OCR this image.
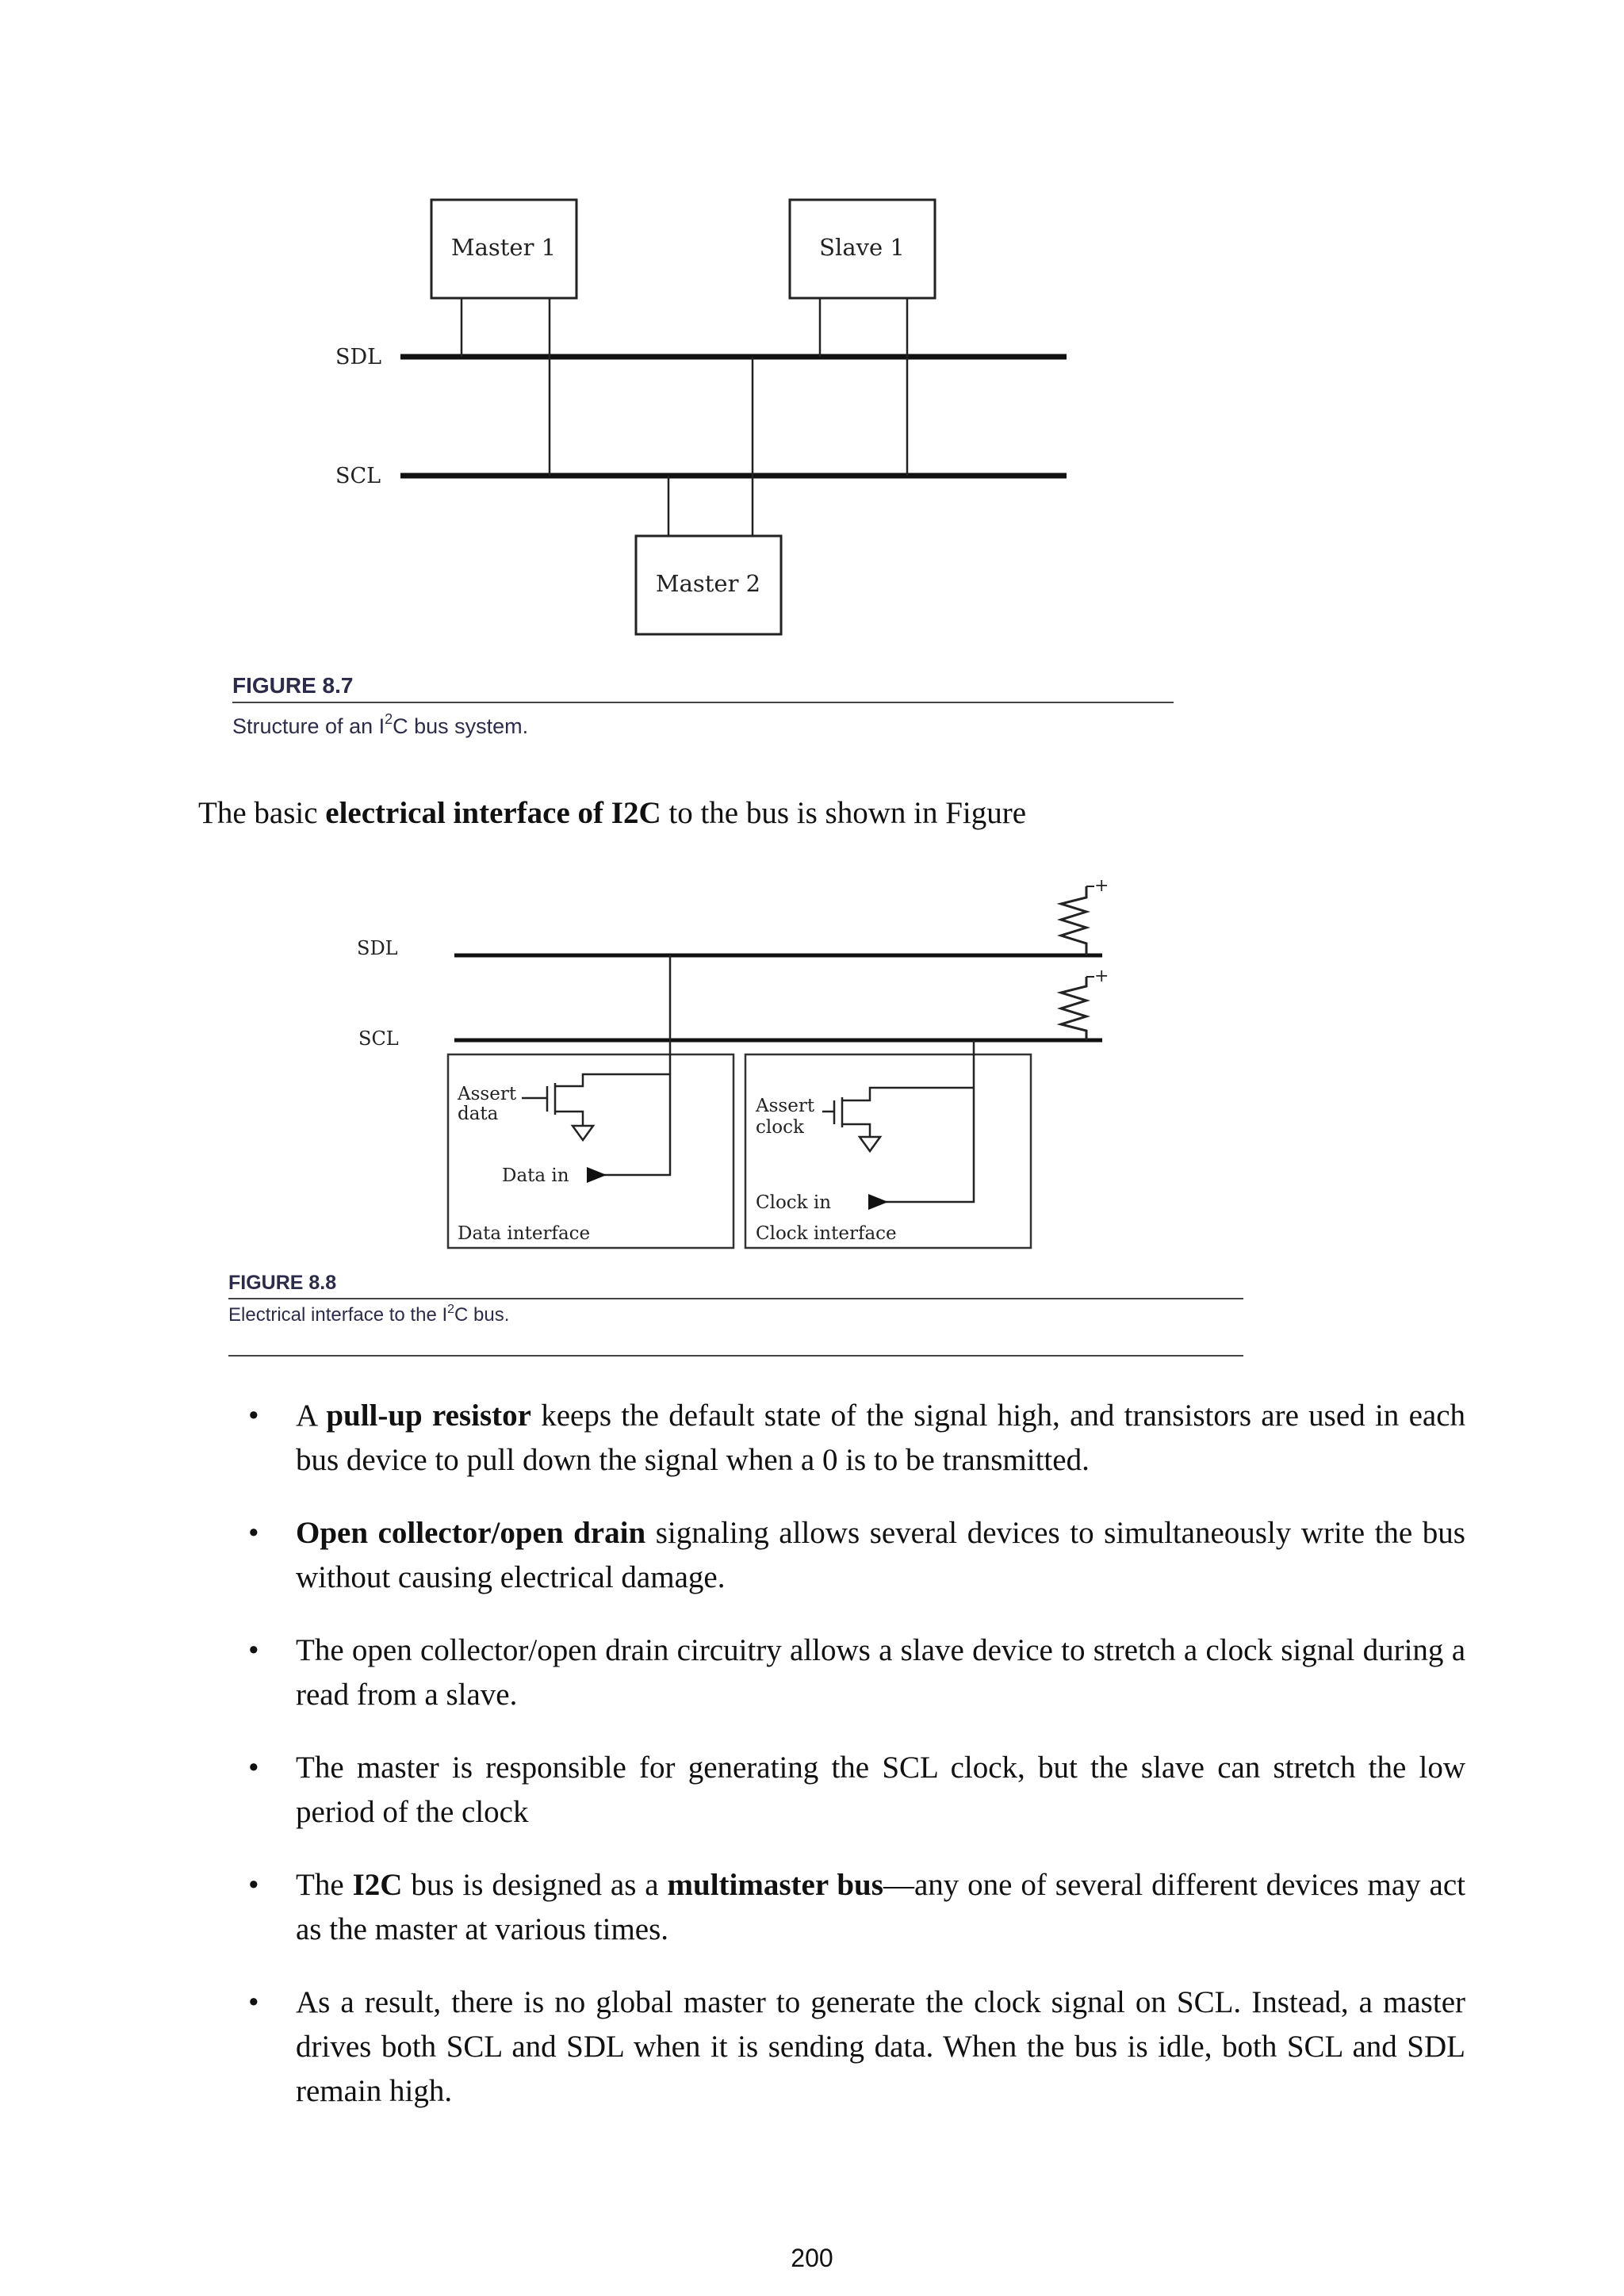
Master 1	Slave 1
Master 2
SDL
SCL
FIGURE 8.7
Structure of an $I^2C$ bus system.
The basic electrical interface of I2C to the bus is shown in Figure
SDL
SCL
+
+
Assert
data
Data in
Data interface
Assert
clock
Clock in
Clock interface
FIGURE 8.8
Electrical interface to the $I^2C$ bus.
•	A pull-up resistor keeps the default state of the signal high, and transistors are used in each bus device to pull down the signal when a 0 is to be transmitted.
•	Open collector/open drain signaling allows several devices to simultaneously write the bus without causing electrical damage.
•	The open collector/open drain circuitry allows a slave device to stretch a clock signal during a read from a slave.
•	The master is responsible for generating the SCL clock, but the slave can stretch the low period of the clock
•	The I2C bus is designed as a multimaster bus—any one of several different devices may act as the master at various times.
•	As a result, there is no global master to generate the clock signal on SCL. Instead, a master drives both SCL and SDL when it is sending data. When the bus is idle, both SCL and SDL remain high.
200
